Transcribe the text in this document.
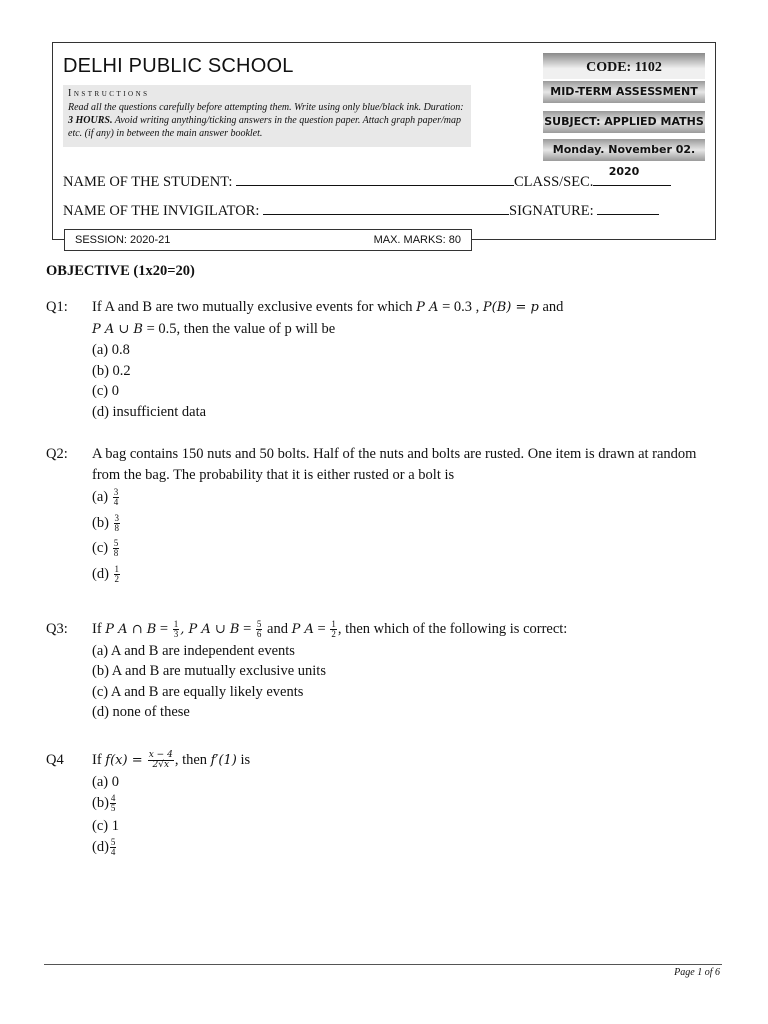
DELHI PUBLIC SCHOOL
Instructions
Read all the questions carefully before attempting them. Write using only blue/black ink. Duration: 3 HOURS. Avoid writing anything/ticking answers in the question paper. Attach graph paper/map etc. (if any) in between the main answer booklet.
CODE: 1102
MID-TERM ASSESSMENT
SUBJECT: APPLIED MATHS
Monday. November 02. 2020
NAME OF THE STUDENT:	CLASS/SEC.
NAME OF THE INVIGILATOR:	SIGNATURE:
SESSION: 2020-21	MAX. MARKS: 80
OBJECTIVE (1x20=20)
Q1: If A and B are two mutually exclusive events for which P A = 0.3 , P(B) = p and
P A ∪ B = 0.5, then the value of p will be
(a) 0.8
(b) 0.2
(c) 0
(d) insufficient data
Q2: A bag contains 150 nuts and 50 bolts. Half of the nuts and bolts are rusted. One item is drawn at random from the bag. The probability that it is either rusted or a bolt is
$(a) \frac{3}{4}$
$(b) \frac{3}{8}$
$(c) \frac{5}{8}$
$(d) \frac{1}{2}$
Q3: If P A ∩ $B = \frac{1}{3}$ , P A ∪ $B = \frac{5}{6}$ and P $A = \frac{1}{2}$ , then which of the following is correct:
(a) A and B are independent events
(b) A and B are mutually exclusive units
(c) A and B are equally likely events
(d) none of these
Q4 If $f(x) = \frac{x - 4}{2√x}$ , then f′(1) is
(a) 0
$(b) \frac{4}{5}$
(c) 1
$(d) \frac{5}{4}$
Page 1 of 6
